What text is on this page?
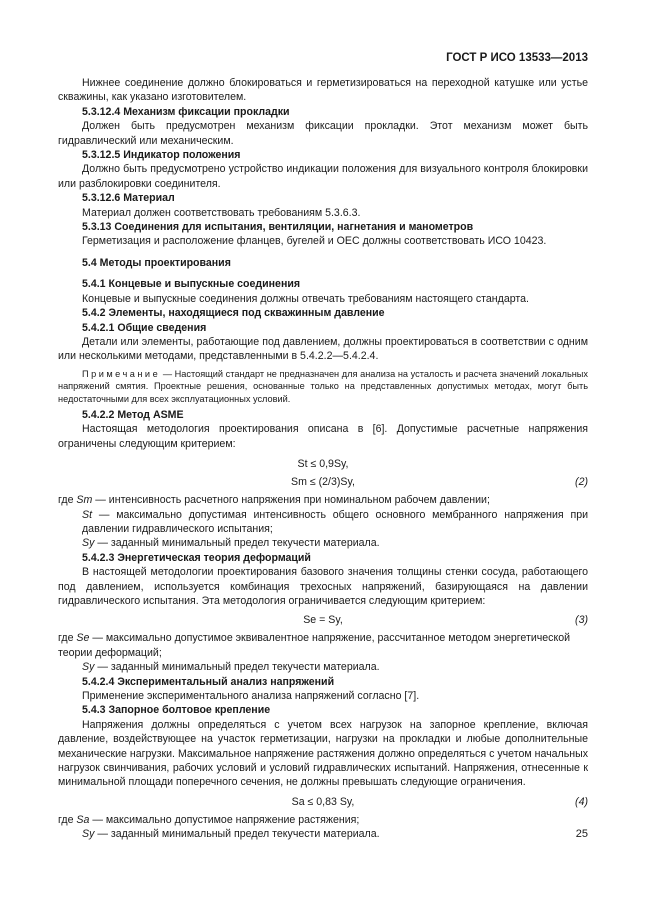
ГОСТ Р ИСО 13533—2013

Нижнее соединение должно блокироваться и герметизироваться на переходной катушке или устье скважины, как указано изготовителем.

5.3.12.4 Механизм фиксации прокладки

Должен быть предусмотрен механизм фиксации прокладки. Этот механизм может быть гидравлический или механическим.

5.3.12.5 Индикатор положения

Должно быть предусмотрено устройство индикации положения для визуального контроля блокировки или разблокировки соединителя.

5.3.12.6 Материал

Материал должен соответствовать требованиям 5.3.6.3.

5.3.13 Соединения для испытания, вентиляции, нагнетания и манометров

Герметизация и расположение фланцев, бугелей и OEC должны соответствовать ИСО 10423.

5.4 Методы проектирования

5.4.1 Концевые и выпускные соединения

Концевые и выпускные соединения должны отвечать требованиям настоящего стандарта.

5.4.2 Элементы, находящиеся под скважинным давление

5.4.2.1 Общие сведения

Детали или элементы, работающие под давлением, должны проектироваться в соответствии с одним или несколькими методами, представленными в 5.4.2.2—5.4.2.4.

Примечание — Настоящий стандарт не предназначен для анализа на усталость и расчета значений локальных напряжений смятия. Проектные решения, основанные только на представленных допустимых методах, могут быть недостаточными для всех эксплуатационных условий.

5.4.2.2 Метод ASME

Настоящая методология проектирования описана в [6]. Допустимые расчетные напряжения ограничены следующим критерием:

St ≤ 0,9Sy,
Sm ≤ (2/3)Sy,	(2)

где Sm — интенсивность расчетного напряжения при номинальном рабочем давлении;

St — максимально допустимая интенсивность общего основного мембранного напряжения при давлении гидравлического испытания;

Sy — заданный минимальный предел текучести материала.

5.4.2.3 Энергетическая теория деформаций

В настоящей методологии проектирования базового значения толщины стенки сосуда, работающего под давлением, используется комбинация трехосных напряжений, базирующаяся на давлении гидравлического испытания. Эта методология ограничивается следующим критерием:

Se = Sy,	(3)

где Se — максимально допустимое эквивалентное напряжение, рассчитанное методом энергетической теории деформаций;

Sy — заданный минимальный предел текучести материала.

5.4.2.4 Экспериментальный анализ напряжений

Применение экспериментального анализа напряжений согласно [7].

5.4.3 Запорное болтовое крепление

Напряжения должны определяться с учетом всех нагрузок на запорное крепление, включая давление, воздействующее на участок герметизации, нагрузки на прокладки и любые дополнительные механические нагрузки. Максимальное напряжение растяжения должно определяться с учетом начальных нагрузок свинчивания, рабочих условий и условий гидравлических испытаний. Напряжения, отнесенные к минимальной площади поперечного сечения, не должны превышать следующие ограничения.

Sa ≤ 0,83 Sy,	(4)

где Sa — максимально допустимое напряжение растяжения;

Sy — заданный минимальный предел текучести материала.	25
